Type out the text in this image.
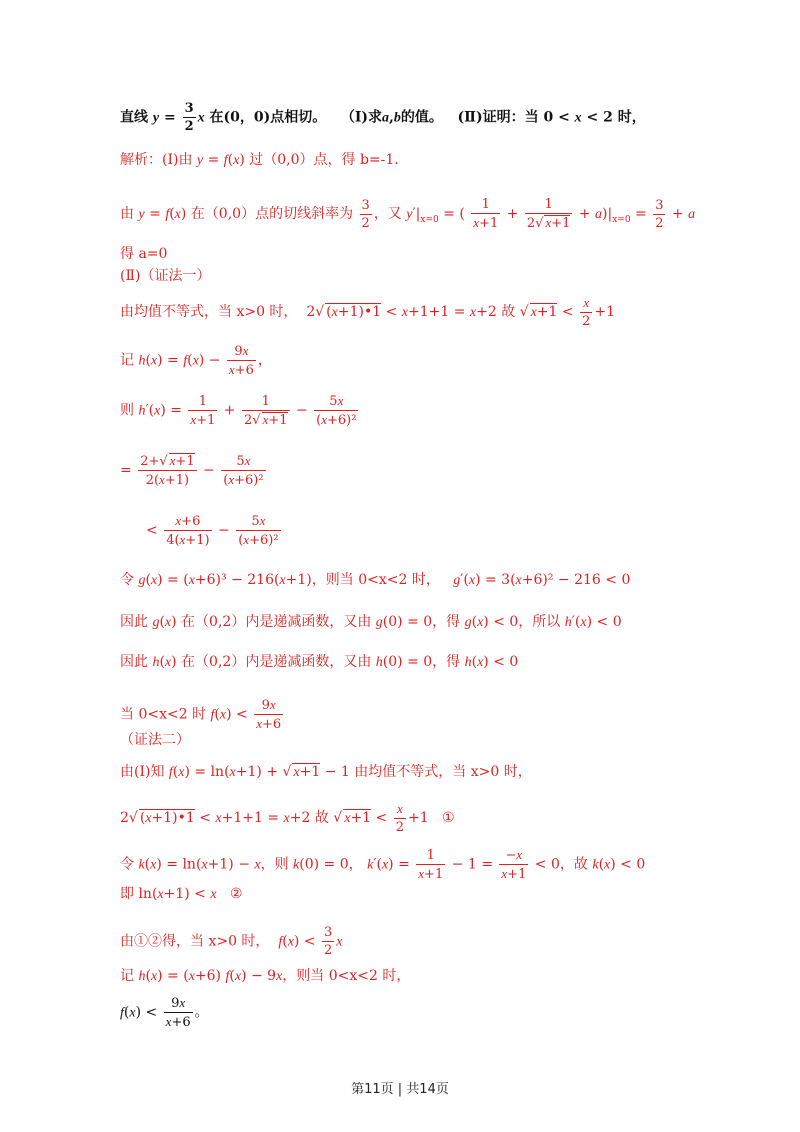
直线 $y = \frac{3}{2}$ x 在(0，0)点相切。   （Ⅰ)求a,b的值。   (Ⅱ)证明：当 0 < x < 2 时，
解析：(Ⅰ)由 y = f(x) 过（0,0）点，得 b=-1.
由 y = f(x) 在（0,0）点的切线斜率为 $\frac{3}{2}$ ，又 $y'|_{x=0}$ = ( $\frac{1}{x+1} + \frac{1}{2√ x+1} + a)|_{x=0} = \frac{3}{2} + a$
得 a=0
(Ⅱ)（证法一）
由均值不等式，当 x>0 时，  2√ (x+1)•1 < x+1+1 = x+2 故 √ $x+1 < \frac{x}{2} +1$
记 $h(x) = f(x) - \frac{9x}{x+6}$ ，
则 $h'(x) = \frac{1}{x+1} + \frac{1}{2√ x+1} - \frac{5x}{\text{(x+6)²}}$
= $\frac{2+√ x+1}{2(x+1)} - \frac{5x}{\text{(x+6)²}}$
< $\frac{x+6}{4(x+1)} - \frac{5x}{\text{(x+6)²}}$
令 g(x) = (x+6)³ − 216(x+1)，则当 0<x<2 时，   g′(x) = 3(x+6)² − 216 < 0
因此 g(x) 在（0,2）内是递减函数，又由 g(0) = 0，得 g(x) < 0，所以 h′(x) < 0
因此 h(x) 在（0,2）内是递减函数，又由 h(0) = 0，得 h(x) < 0
当 0<x<2 时 $f(x) < \frac{9x}{x+6}$
（证法二）
由(Ⅰ)知 f(x) = ln(x+1) + √ x+1 − 1 由均值不等式，当 x>0 时，
2√ (x+1)•1 < x+1+1 = x+2 故 √ $x+1 < \frac{x}{2} +1$   ①
令 k(x) = ln(x+1) − x，则 k(0) = 0， $k'(x) = \frac{1}{x+1} - 1 = \frac{-x}{x+1} < 0$，故 k(x) < 0
即 ln(x+1) < x   ②
由①②得，当 x>0 时，  $f(x) < \frac{3}{2}$ x
记 h(x) = (x+6) f(x) − 9x，则当 0<x<2 时，
$f(x) < \frac{9x}{x+6}$ 。
第11页 | 共14页
